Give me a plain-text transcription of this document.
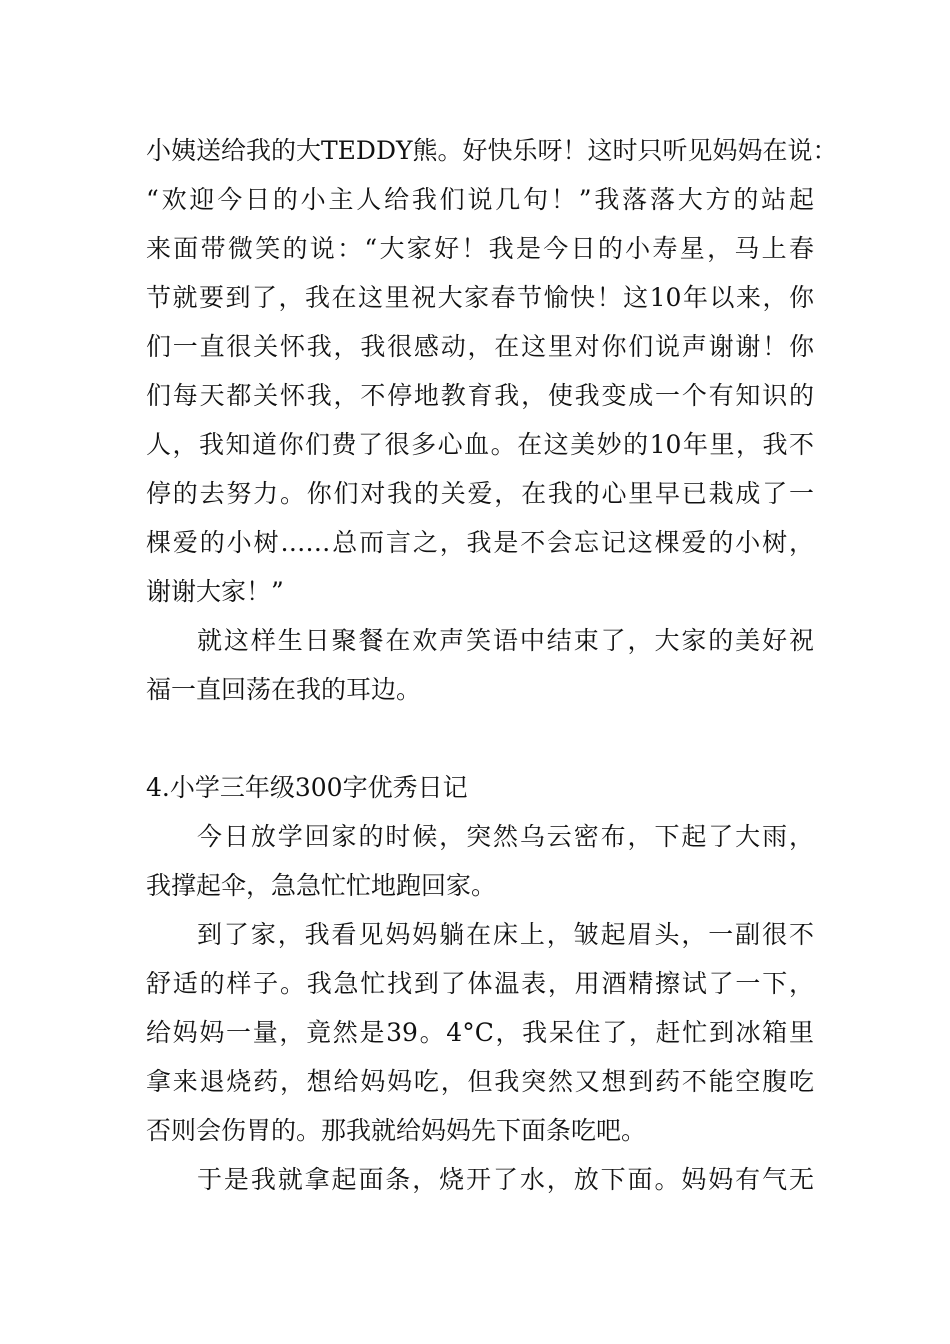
小姨送给我的大TEDDY熊。好快乐呀！这时只听见妈妈在说：
“欢迎今日的小主人给我们说几句！”我落落大方的站起
来面带微笑的说：“大家好！我是今日的小寿星，马上春
节就要到了，我在这里祝大家春节愉快！这10年以来，你
们一直很关怀我，我很感动，在这里对你们说声谢谢！你
们每天都关怀我，不停地教育我，使我变成一个有知识的
人，我知道你们费了很多心血。在这美妙的10年里，我不
停的去努力。你们对我的关爱，在我的心里早已栽成了一
棵爱的小树……总而言之，我是不会忘记这棵爱的小树，
谢谢大家！”
就这样生日聚餐在欢声笑语中结束了，大家的美好祝
福一直回荡在我的耳边。
4.小学三年级300字优秀日记
今日放学回家的时候，突然乌云密布，下起了大雨，
我撑起伞，急急忙忙地跑回家。
到了家，我看见妈妈躺在床上，皱起眉头，一副很不
舒适的样子。我急忙找到了体温表，用酒精擦试了一下，
给妈妈一量，竟然是39。4°C，我呆住了，赶忙到冰箱里
拿来退烧药，想给妈妈吃，但我突然又想到药不能空腹吃
否则会伤胃的。那我就给妈妈先下面条吃吧。
于是我就拿起面条，烧开了水，放下面。妈妈有气无
